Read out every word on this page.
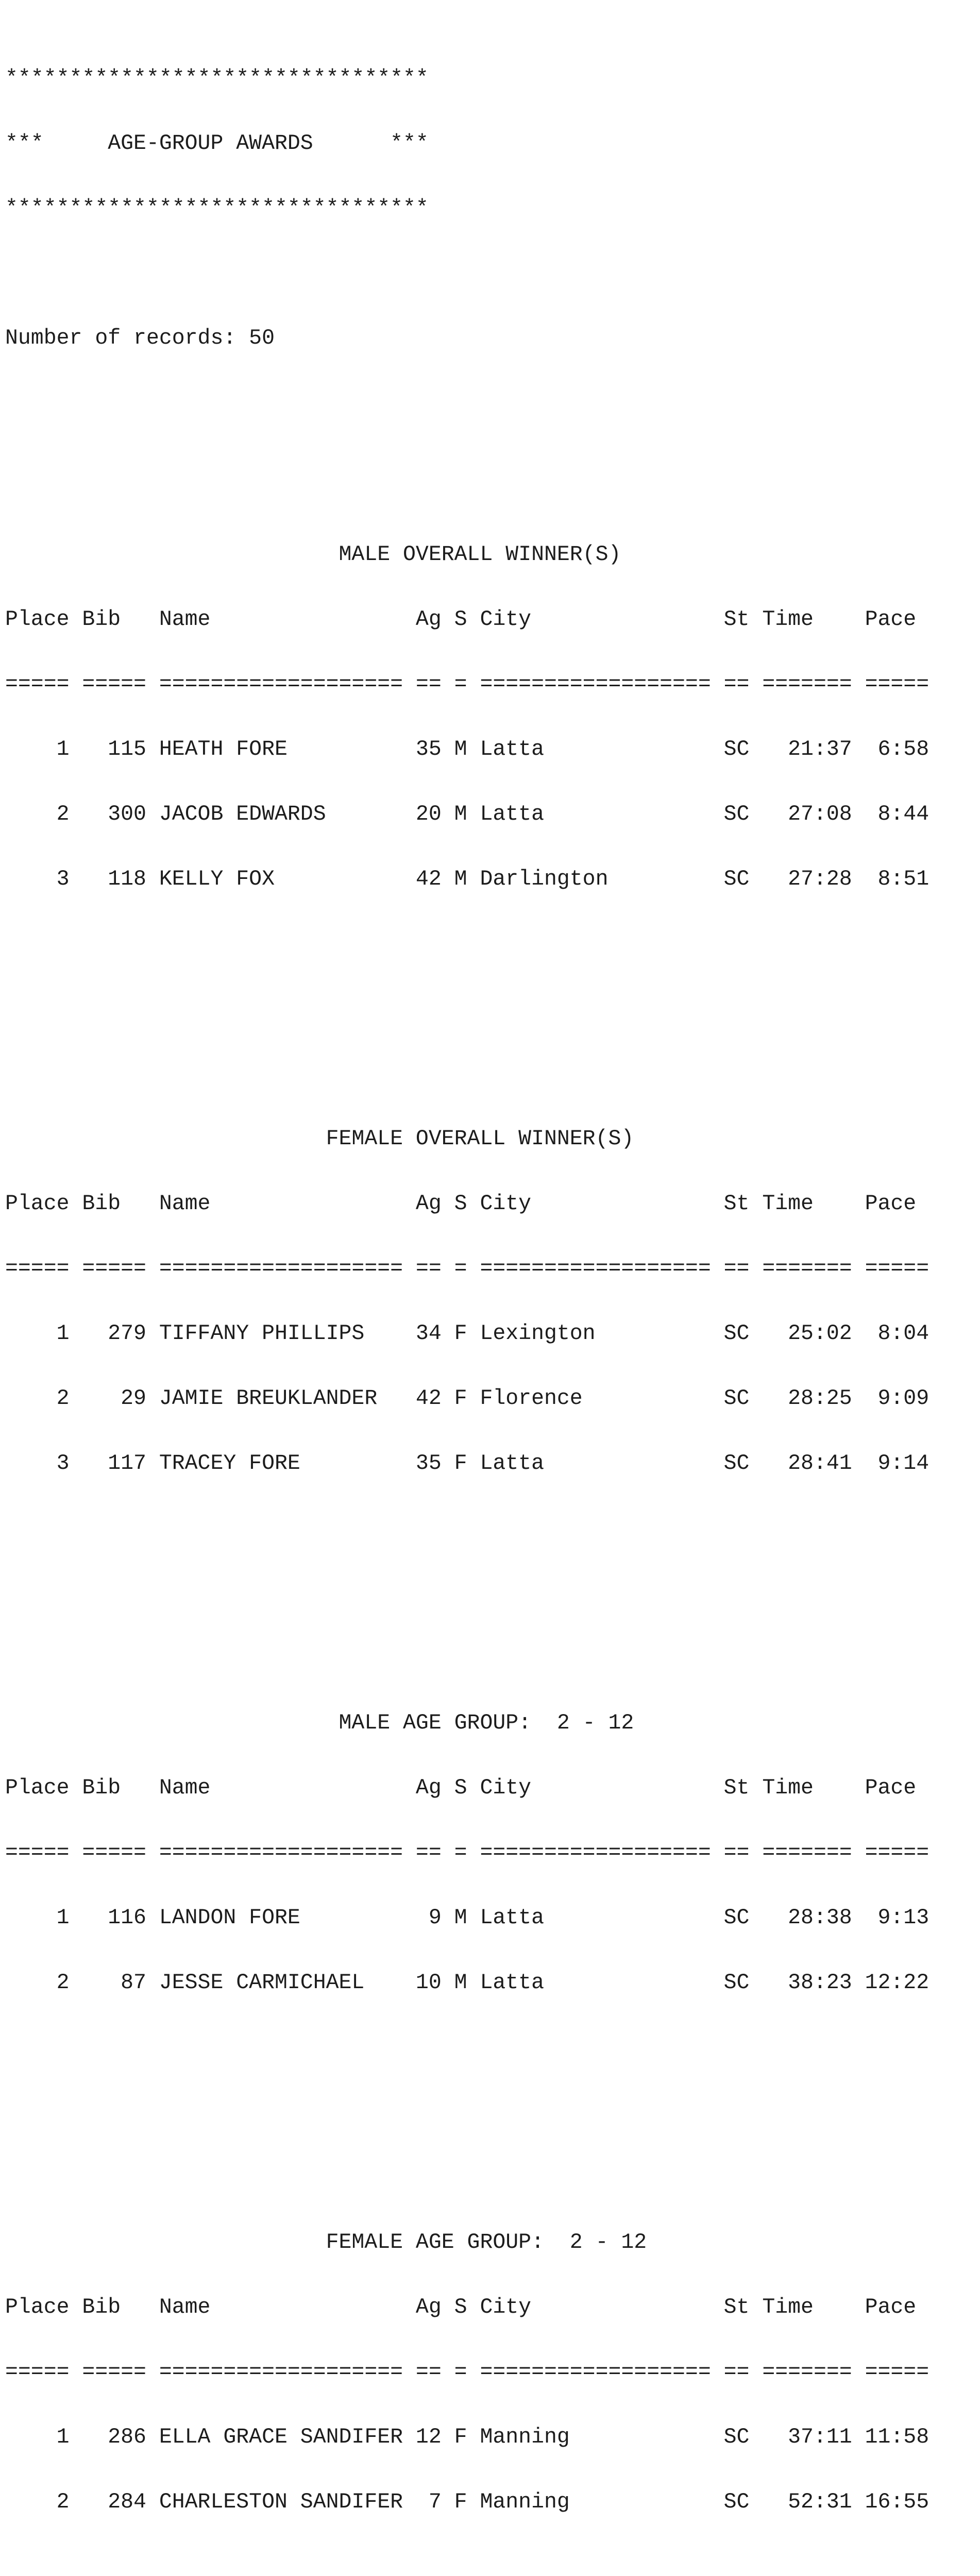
*********************************

***     AGE-GROUP AWARDS      ***

*********************************

Number of records: 50

MALE OVERALL WINNER(S)

Place Bib   Name                Ag S City               St Time    Pace

===== ===== =================== == = ================== == ======= =====

1   115 HEATH FORE          35 M Latta              SC   21:37  6:58

2   300 JACOB EDWARDS       20 M Latta              SC   27:08  8:44

3   118 KELLY FOX           42 M Darlington         SC   27:28  8:51

FEMALE OVERALL WINNER(S)

Place Bib   Name                Ag S City               St Time    Pace

===== ===== =================== == = ================== == ======= =====

1   279 TIFFANY PHILLIPS    34 F Lexington          SC   25:02  8:04

2    29 JAMIE BREUKLANDER   42 F Florence           SC   28:25  9:09

3   117 TRACEY FORE         35 F Latta              SC   28:41  9:14

MALE AGE GROUP:  2 - 12

Place Bib   Name                Ag S City               St Time    Pace

===== ===== =================== == = ================== == ======= =====

1   116 LANDON FORE          9 M Latta              SC   28:38  9:13

2    87 JESSE CARMICHAEL    10 M Latta              SC   38:23 12:22

FEMALE AGE GROUP:  2 - 12

Place Bib   Name                Ag S City               St Time    Pace

===== ===== =================== == = ================== == ======= =====

1   286 ELLA GRACE SANDIFER 12 F Manning            SC   37:11 11:58

2   284 CHARLESTON SANDIFER  7 F Manning            SC   52:31 16:55
